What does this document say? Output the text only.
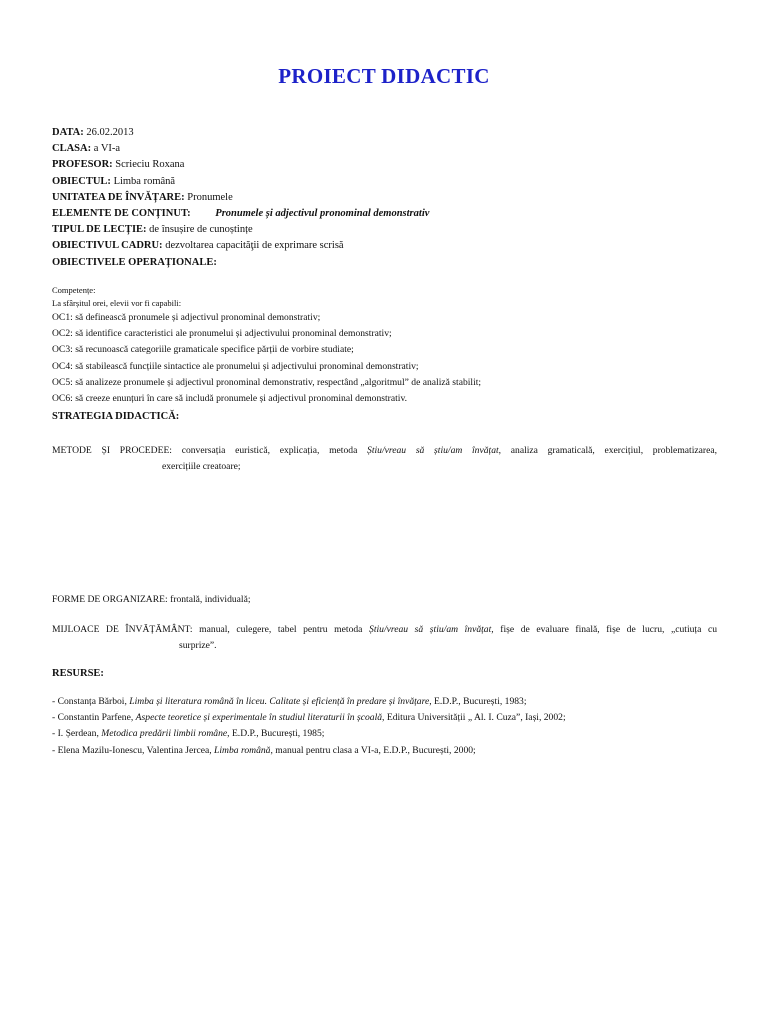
PROIECT DIDACTIC
DATA: 26.02.2013
CLASA: a VI-a
PROFESOR: Scrieciu Roxana
OBIECTUL: Limba română
UNITATEA DE ÎNVĂȚARE: Pronumele
ELEMENTE DE CONȚINUT: Pronumele și adjectivul pronominal demonstrativ
TIPUL DE LECȚIE: de însușire de cunoștințe
OBIECTIVUL CADRU: dezvoltarea capacităţii de exprimare scrisă
OBIECTIVELE OPERAȚIONALE:
Competențe:
La sfârșitul orei, elevii vor fi capabili:
OC1: să definească pronumele și adjectivul pronominal demonstrativ;
OC2: să identifice caracteristici ale pronumelui și adjectivului pronominal demonstrativ;
OC3: să recunoască categoriile gramaticale specifice părții de vorbire studiate;
OC4: să stabilească funcțiile sintactice ale pronumelui și adjectivului pronominal demonstrativ;
OC5: să analizeze pronumele și adjectivul pronominal demonstrativ, respectând „algoritmul” de analiză stabilit;
OC6: să creeze enunțuri în care să includă pronumele și adjectivul pronominal demonstrativ.
STRATEGIA DIDACTICĂ:
METODE ȘI PROCEDEE: conversația euristică, explicația, metoda Știu/vreau să știu/am învățat, analiza gramaticală, exercițiul, problematizarea,
exercițiile creatoare;
FORME DE ORGANIZARE: frontală, individuală;
MIJLOACE DE ÎNVĂȚĂMÂNT: manual, culegere, tabel pentru metoda Știu/vreau să știu/am învățat, fișe de evaluare finală, fișe de lucru, „cutiuța cu
surprize”.
RESURSE:
- Constanța Bărboi, Limba și literatura română în liceu. Calitate și eficiență în predare și învățare, E.D.P., București, 1983;
- Constantin Parfene, Aspecte teoretice și experimentale în studiul literaturii în școală, Editura Universității „ Al. I. Cuza”, Iași, 2002;
- I. Șerdean, Metodica predării limbii române, E.D.P., București, 1985;
- Elena Mazilu-Ionescu, Valentina Jercea, Limba română, manual pentru clasa a VI-a, E.D.P., București, 2000;
